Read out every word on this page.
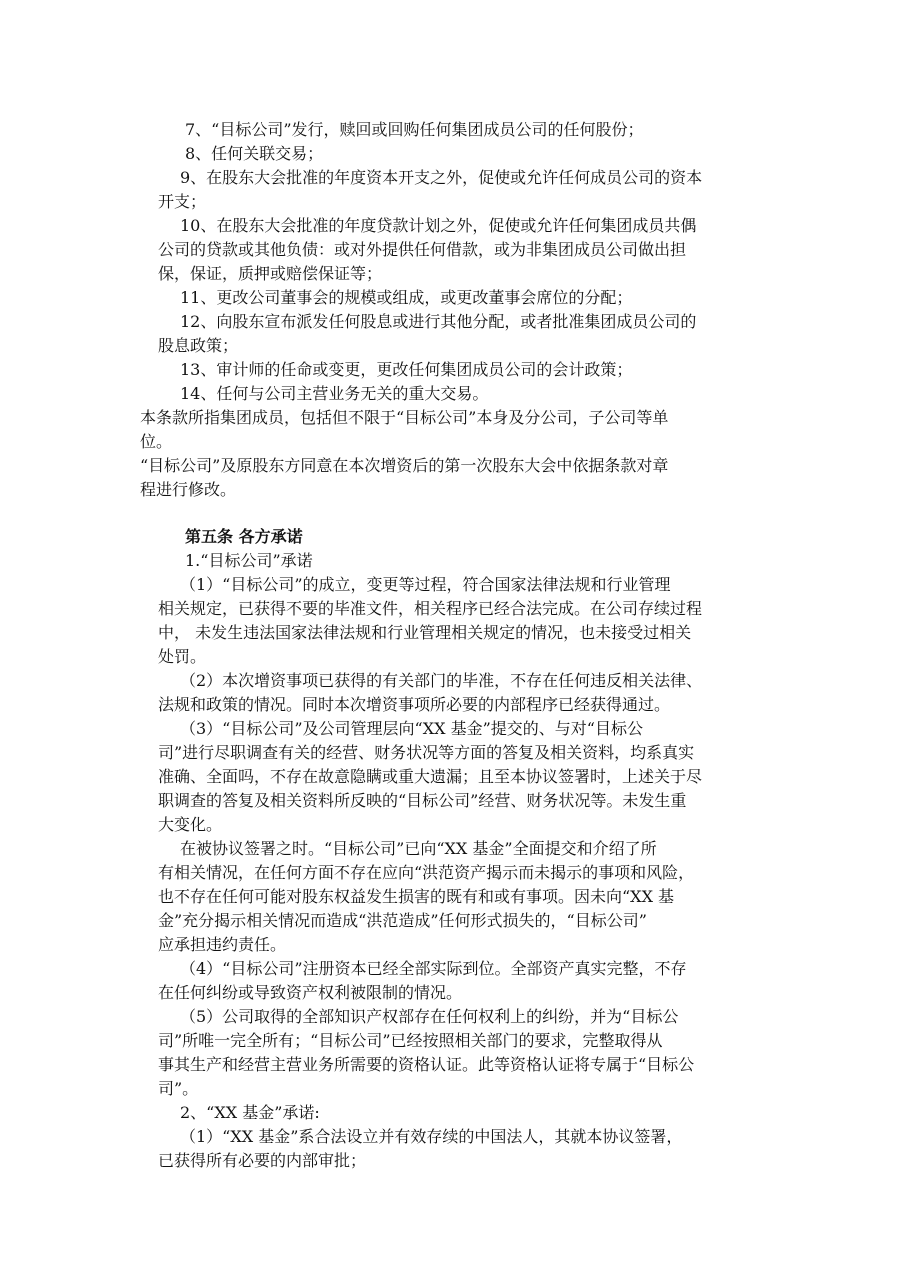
7、“目标公司”发行，赎回或回购任何集团成员公司的任何股份；
8、任何关联交易；
9、在股东大会批准的年度资本开支之外，促使或允许任何成员公司的资本
开支；
10、在股东大会批准的年度贷款计划之外，促使或允许任何集团成员共偶
公司的贷款或其他负债：或对外提供任何借款，或为非集团成员公司做出担
保，保证，质押或赔偿保证等；
11、更改公司董事会的规模或组成，或更改董事会席位的分配；
12、向股东宣布派发任何股息或进行其他分配，或者批准集团成员公司的
股息政策；
13、审计师的任命或变更，更改任何集团成员公司的会计政策；
14、任何与公司主营业务无关的重大交易。
本条款所指集团成员，包括但不限于“目标公司”本身及分公司，子公司等单
位。
“目标公司”及原股东方同意在本次增资后的第一次股东大会中依据条款对章
程进行修改。
第五条 各方承诺
1.“目标公司”承诺
（1）“目标公司”的成立，变更等过程，符合国家法律法规和行业管理
相关规定，已获得不要的毕准文件，相关程序已经合法完成。在公司存续过程
中， 未发生违法国家法律法规和行业管理相关规定的情况，也未接受过相关
处罚。
（2）本次增资事项已获得的有关部门的毕准，不存在任何违反相关法律、
法规和政策的情况。同时本次增资事项所必要的内部程序已经获得通过。
（3）“目标公司”及公司管理层向“XX 基金”提交的、与对“目标公
司”进行尽职调查有关的经营、财务状况等方面的答复及相关资料，均系真实
准确、全面吗，不存在故意隐瞒或重大遗漏；且至本协议签署时，上述关于尽
职调查的答复及相关资料所反映的“目标公司”经营、财务状况等。未发生重
大变化。
在被协议签署之时。“目标公司”已向“XX 基金”全面提交和介绍了所
有相关情况，在任何方面不存在应向“洪范资产揭示而未揭示的事项和风险，
也不存在任何可能对股东权益发生损害的既有和或有事项。因未向“XX 基
金”充分揭示相关情况而造成“洪范造成”任何形式损失的，“目标公司”
应承担违约责任。
（4）“目标公司”注册资本已经全部实际到位。全部资产真实完整，不存
在任何纠纷或导致资产权利被限制的情况。
（5）公司取得的全部知识产权部存在任何权利上的纠纷，并为“目标公
司”所唯一完全所有；“目标公司”已经按照相关部门的要求，完整取得从
事其生产和经营主营业务所需要的资格认证。此等资格认证将专属于“目标公
司”。
2、“XX 基金”承诺:
（1）“XX 基金”系合法设立并有效存续的中国法人，其就本协议签署，
已获得所有必要的内部审批；
